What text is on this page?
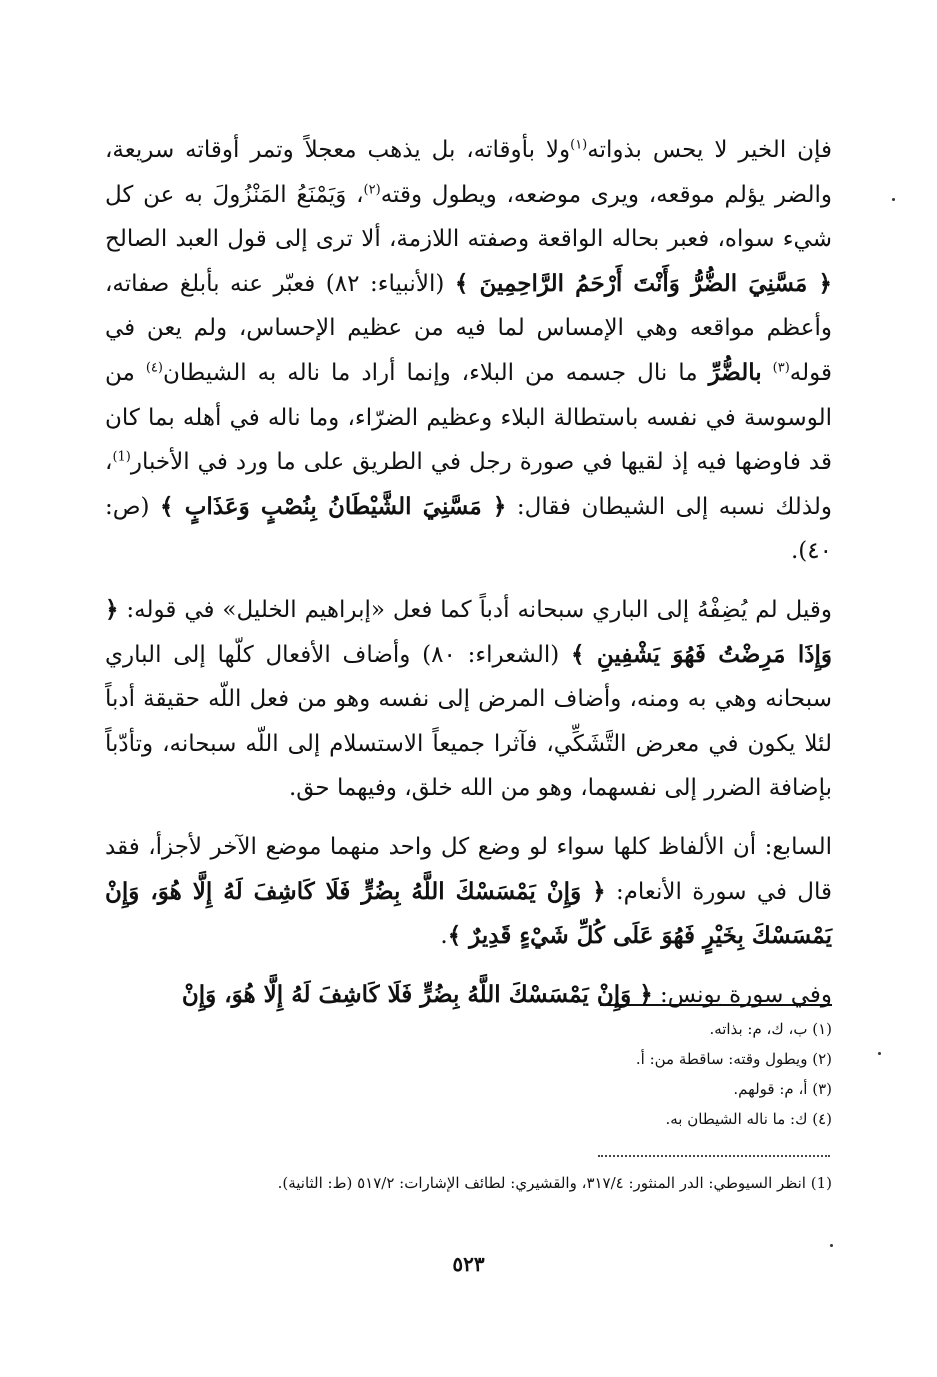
فإن الخير لا يحس بذواته$^{(١)}$ولا بأوقاته، بل يذهب معجلاً وتمر أوقاته سريعة، والضر يؤلم موقعه، ويرى موضعه، ويطول وقته$^{(٢)}$، وَيَمْنَعُ المَنْزُولَ به عن كل شيء سواه، فعبر بحاله الواقعة وصفته اللازمة، ألا ترى إلى قول العبد الصالح ﴿ مَسَّنِيَ الضُّرُّ وَأَنْتَ أَرْحَمُ الرَّاحِمِينَ ﴾ (الأنبياء: ٨٢) فعبّر عنه بأبلغ صفاته، وأعظم مواقعه وهي الإمساس لما فيه من عظيم الإحساس، ولم يعن في قوله$^{(٣)}$ بالضُّرِّ ما نال جسمه من البلاء، وإنما أراد ما ناله به الشيطان$^{(٤)}$ من الوسوسة في نفسه باستطالة البلاء وعظيم الضرّاء، وما ناله في أهله بما كان قد فاوضها فيه إذ لقيها في صورة رجل في الطريق على ما ورد في الأخبار$^{(1)}$، ولذلك نسبه إلى الشيطان فقال: ﴿ مَسَّنِيَ الشَّيْطَانُ بِنُصْبٍ وَعَذَابٍ ﴾ (ص: ٤٠).

وقيل لم يُضِفْهُ إلى الباري سبحانه أدباً كما فعل «إبراهيم الخليل» في قوله: ﴿ وَإِذَا مَرِضْتُ فَهُوَ يَشْفِينِ ﴾ (الشعراء: ٨٠) وأضاف الأفعال كلّها إلى الباري سبحانه وهي به ومنه، وأضاف المرض إلى نفسه وهو من فعل اللّه حقيقة أدباً لئلا يكون في معرض التَّشَكِّي، فآثرا جميعاً الاستسلام إلى اللّه سبحانه، وتأدّباً بإضافة الضرر إلى نفسهما، وهو من الله خلق، وفيهما حق.

السابع: أن الألفاظ كلها سواء لو وضع كل واحد منهما موضع الآخر لأجزأ، فقد قال في سورة الأنعام: ﴿ وَإِنْ يَمْسَسْكَ اللَّهُ بِضُرٍّ فَلَا كَاشِفَ لَهُ إِلَّا هُوَ، وَإِنْ يَمْسَسْكَ بِخَيْرٍ فَهُوَ عَلَى كُلِّ شَيْءٍ قَدِيرٌ ﴾.

وفي سورة يونس: ﴿ وَإِنْ يَمْسَسْكَ اللَّهُ بِضُرٍّ فَلَا كَاشِفَ لَهُ إِلَّا هُوَ، وَإِنْ

(١) ب، ك، م: بذاته.

(٢) ويطول وقته: ساقطة من: أ.

(٣) أ، م: قولهم.

(٤) ك: ما ناله الشيطان به.

(1) انظر السيوطي: الدر المنثور: ٣١٧/٤، والقشيري: لطائف الإشارات: ٥١٧/٢ (ط: الثانية).
٥٢٣
